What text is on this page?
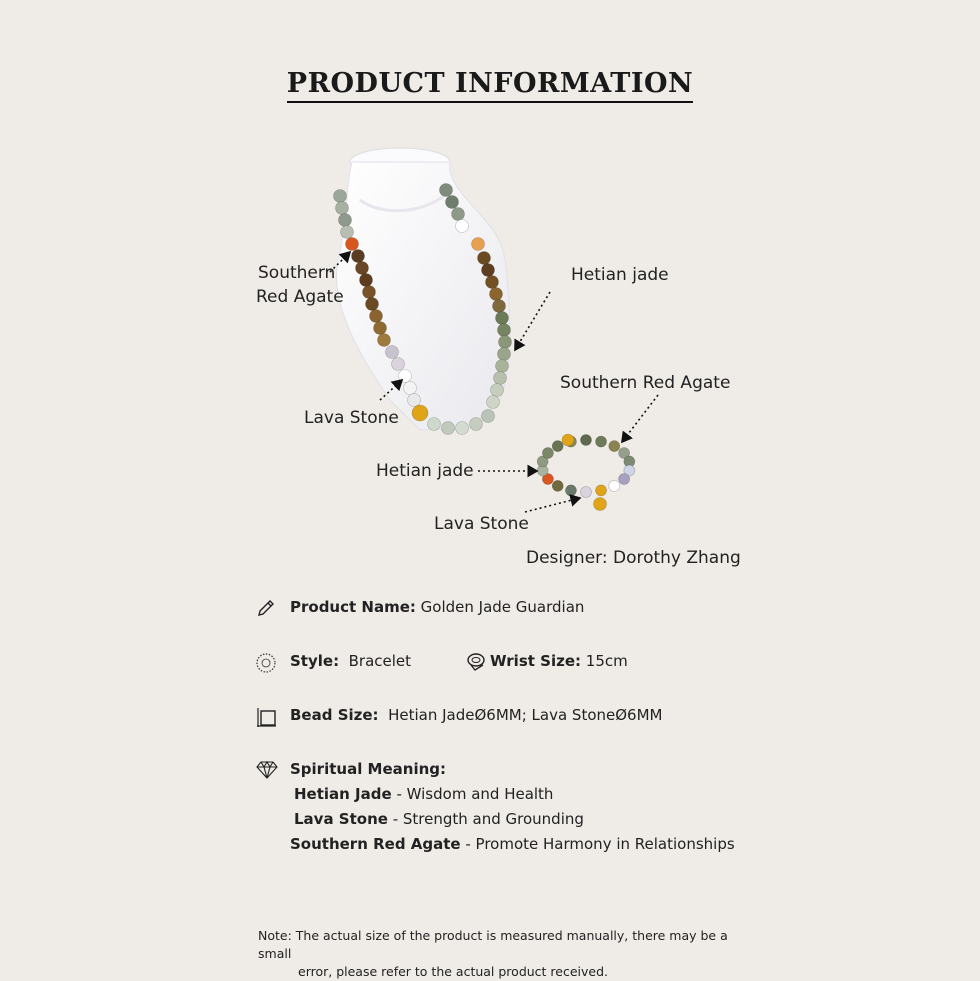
PRODUCT INFORMATION
Southern
Red Agate
Hetian jade
Lava Stone
Southern Red Agate
Hetian jade
Lava Stone
Designer: Dorothy Zhang
Product Name: Golden Jade Guardian
Style: Bracelet	Wrist Size: 15cm
Bead Size: Hetian JadeØ6MM; Lava StoneØ6MM
Spiritual Meaning:
Hetian Jade - Wisdom and Health
Lava Stone - Strength and Grounding
Southern Red Agate - Promote Harmony in Relationships
Note: The actual size of the product is measured manually, there may be a small
error, please refer to the actual product received.
